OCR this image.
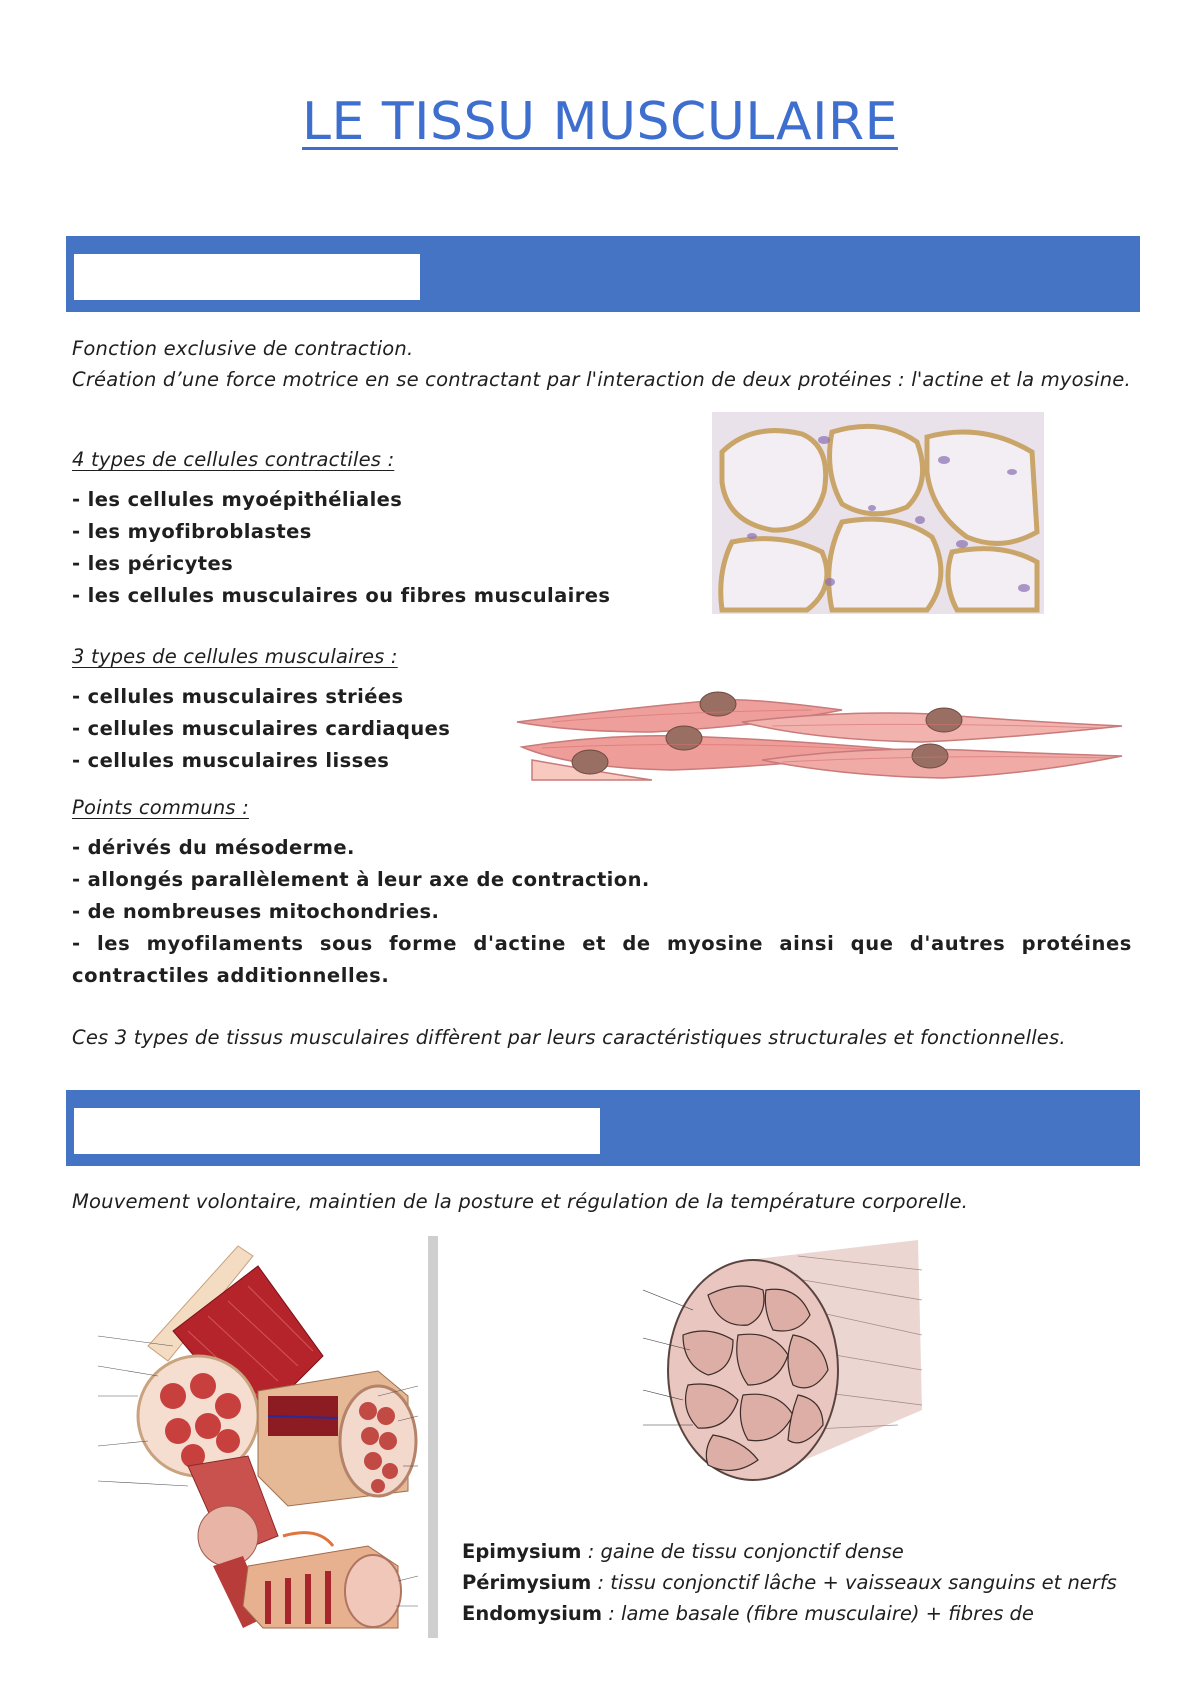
LE TISSU MUSCULAIRE

Fonction exclusive de contraction.

Création d’une force motrice en se contractant par l'interaction de deux protéines : l'actine et la myosine.

4 types de cellules contractiles :
- les cellules myoépithéliales
- les myofibroblastes
- les péricytes
- les cellules musculaires ou fibres musculaires
3 types de cellules musculaires :
- cellules musculaires striées
- cellules musculaires cardiaques
- cellules musculaires lisses
Points communs :
- dérivés du mésoderme.
- allongés parallèlement à leur axe de contraction.
- de nombreuses mitochondries.
- les myofilaments sous forme d'actine et de myosine ainsi que d'autres protéines contractiles additionnelles.
Ces 3 types de tissus musculaires diffèrent par leurs caractéristiques structurales et fonctionnelles.
Mouvement volontaire, maintien de la posture et régulation de la température corporelle.
Epimysium : gaine de tissu conjonctif dense
Périmysium : tissu conjonctif lâche + vaisseaux sanguins et nerfs
Endomysium : lame basale (fibre musculaire) + fibres de
